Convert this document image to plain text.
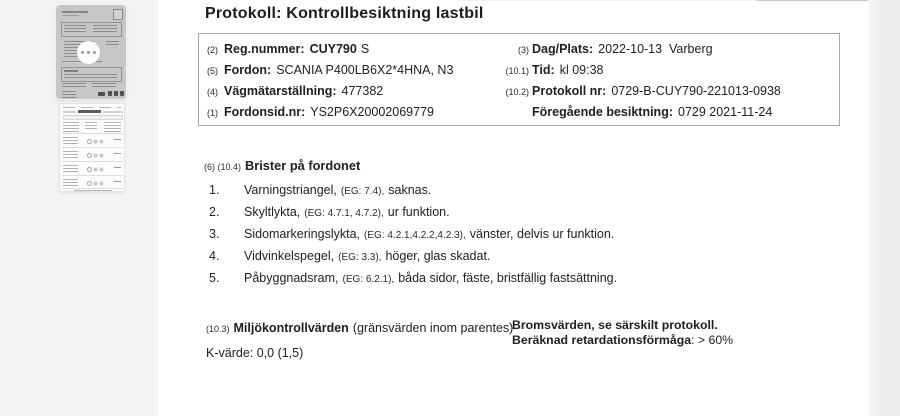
Protokoll: Kontrollbesiktning lastbil
(2) Reg.nummer: CUY790 S
(5) Fordon: SCANIA P400LB6X2*4HNA, N3
(4) Vägmätarställning: 477382
(1) Fordonsid.nr: YS2P6X20002069779
(3) Dag/Plats: 2022-10-13  Varberg
(10.1) Tid: kl 09:38
(10.2) Protokoll nr: 0729-B-CUY790-221013-0938
Föregående besiktning: 0729 2021-11-24
(6) (10.4) Brister på fordonet
1. Varningstriangel, (EG: 7.4), saknas.
2. Skyltlykta, (EG: 4.7.1, 4.7.2), ur funktion.
3. Sidomarkeringslykta, (EG: 4.2.1,4.2.2,4.2.3), vänster, delvis ur funktion.
4. Vidvinkelspegel, (EG: 3.3), höger, glas skadat.
5. Påbyggnadsram, (EG: 6.2.1), båda sidor, fäste, bristfällig fastsättning.
(10.3) Miljökontrollvärden (gränsvärden inom parentes)
K-värde: 0,0 (1,5)
Bromsvärden, se särskilt protokoll.
Beräknad retardationsförmåga: > 60%
